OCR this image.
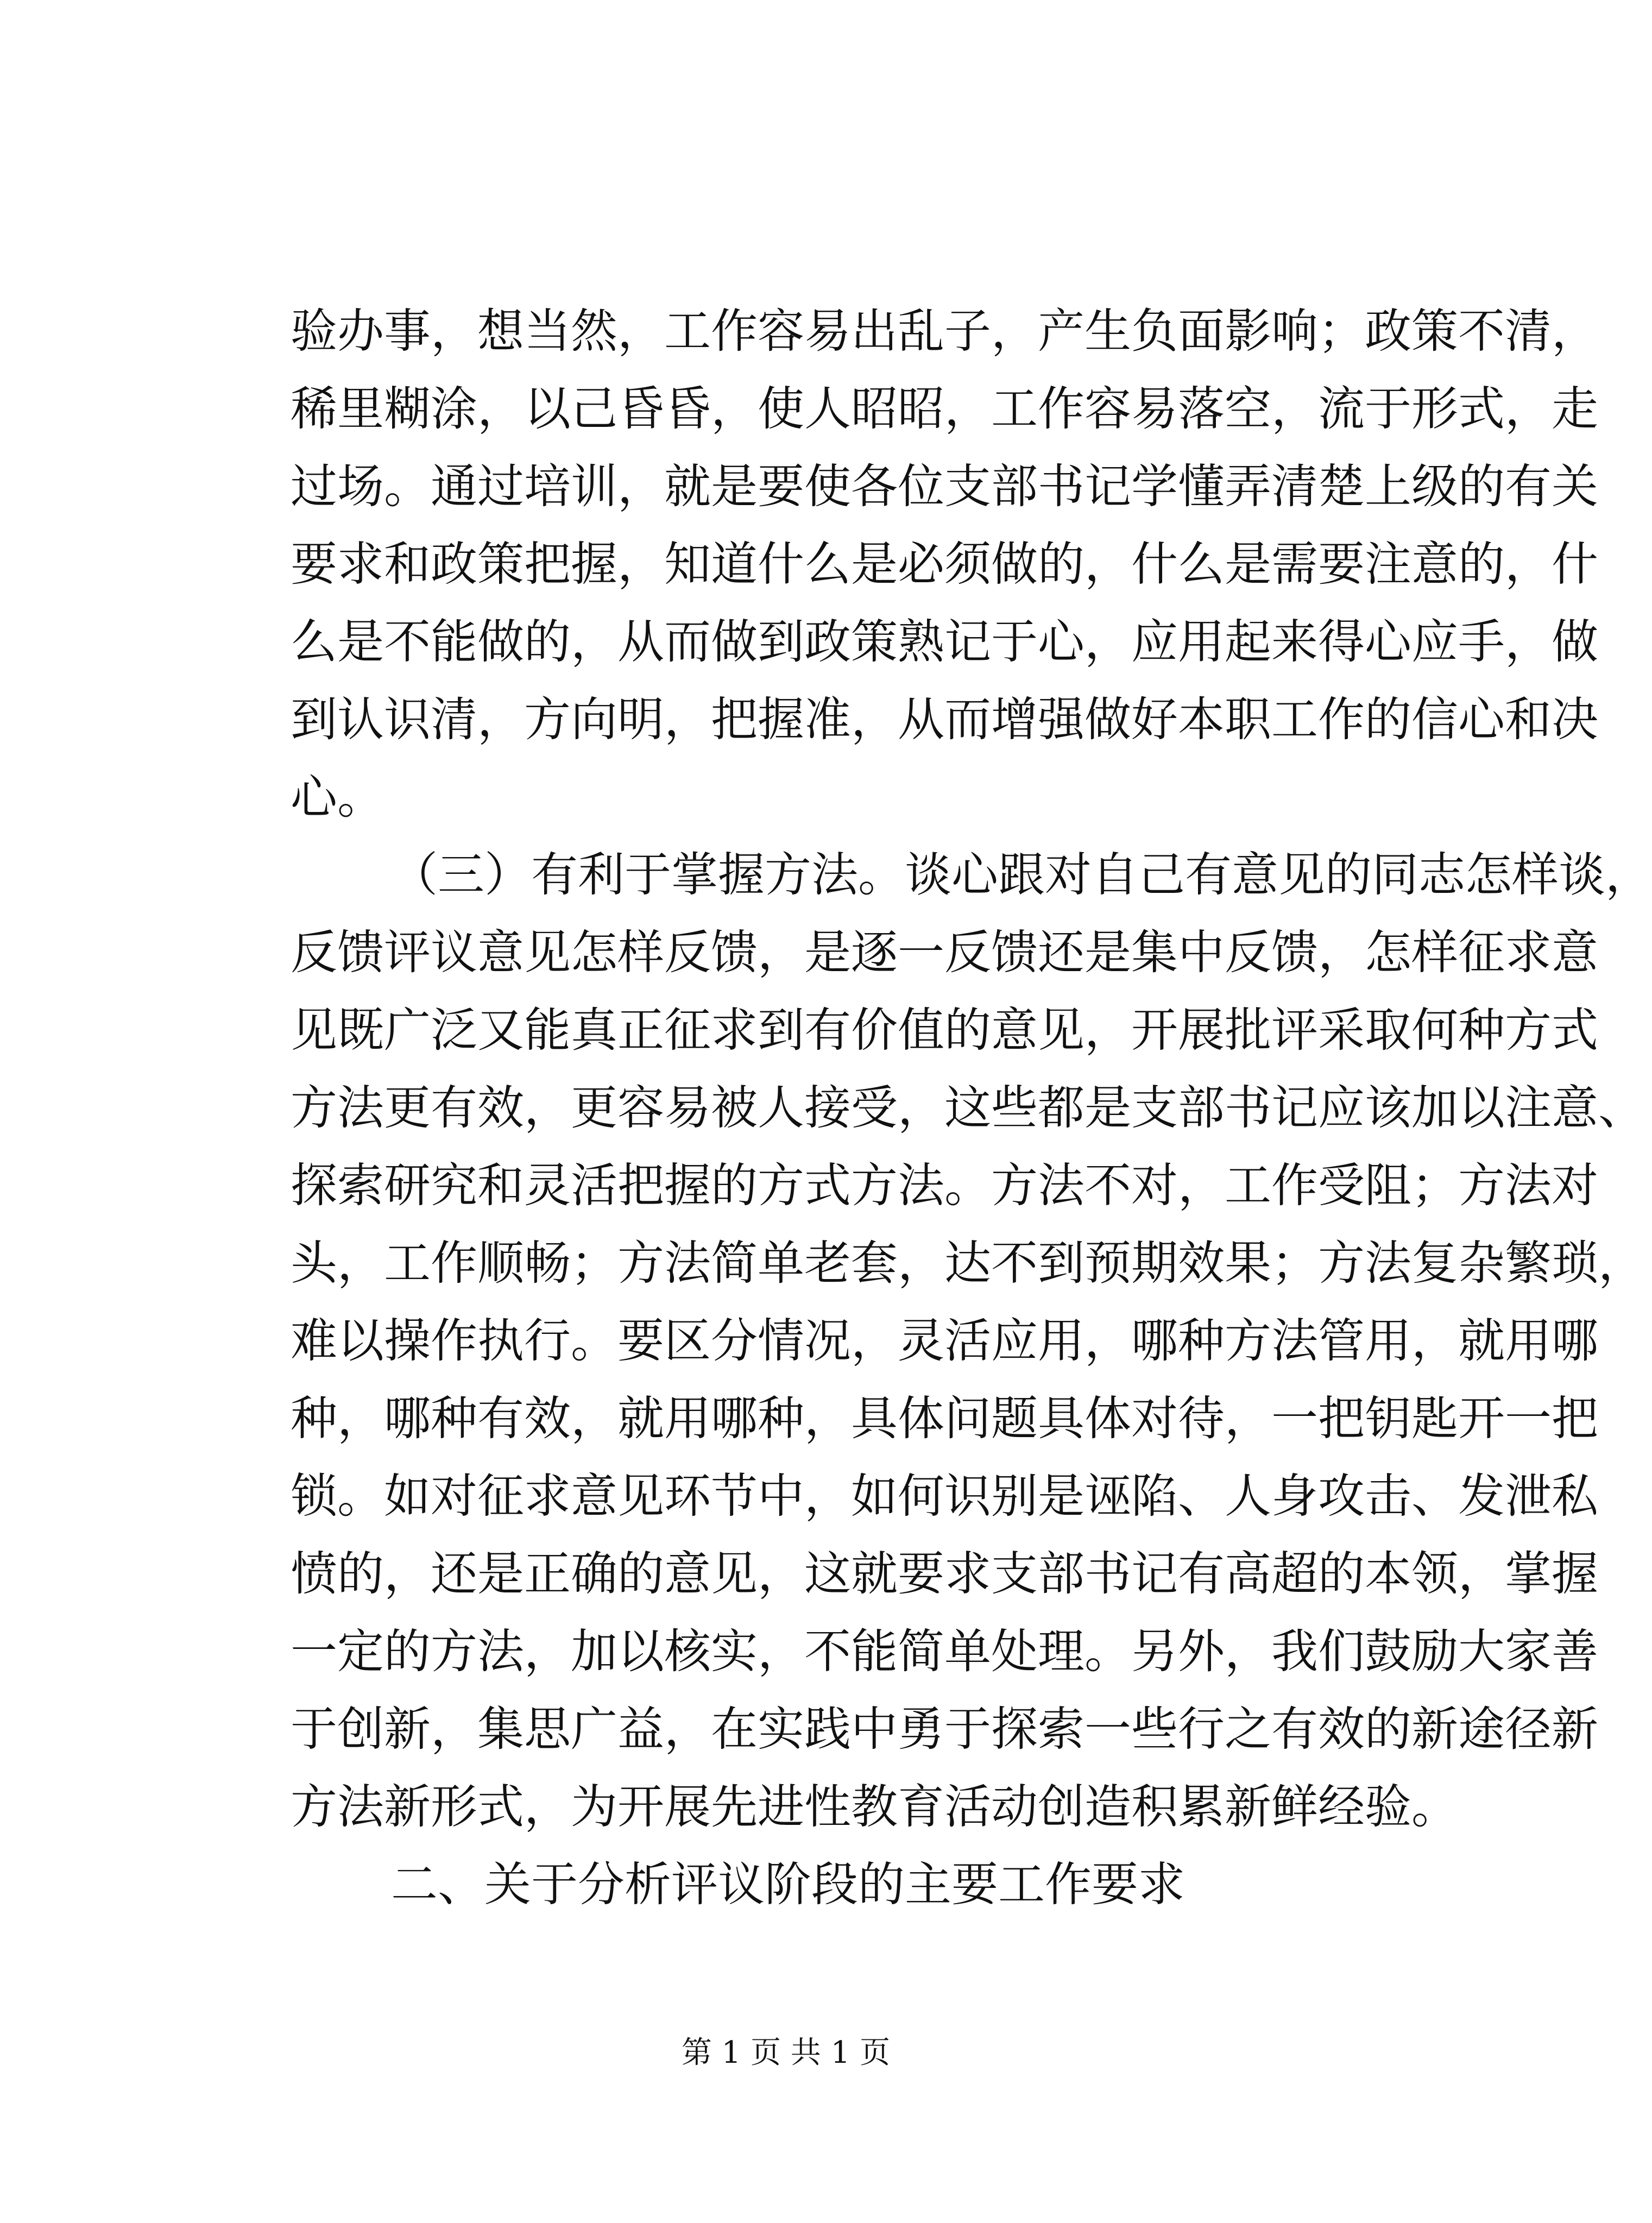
验办事，想当然，工作容易出乱子，产生负面影响；政策不清，
稀里糊涂，以己昏昏，使人昭昭，工作容易落空，流于形式，走
过场。通过培训，就是要使各位支部书记学懂弄清楚上级的有关
要求和政策把握，知道什么是必须做的，什么是需要注意的，什
么是不能做的，从而做到政策熟记于心，应用起来得心应手，做
到认识清，方向明，把握准，从而增强做好本职工作的信心和决
心。
（三）有利于掌握方法。谈心跟对自己有意见的同志怎样谈，
反馈评议意见怎样反馈，是逐一反馈还是集中反馈，怎样征求意
见既广泛又能真正征求到有价值的意见，开展批评采取何种方式
方法更有效，更容易被人接受，这些都是支部书记应该加以注意、
探索研究和灵活把握的方式方法。方法不对，工作受阻；方法对
头，工作顺畅；方法简单老套，达不到预期效果；方法复杂繁琐，
难以操作执行。要区分情况，灵活应用，哪种方法管用，就用哪
种，哪种有效，就用哪种，具体问题具体对待，一把钥匙开一把
锁。如对征求意见环节中，如何识别是诬陷、人身攻击、发泄私
愤的，还是正确的意见，这就要求支部书记有高超的本领，掌握
一定的方法，加以核实，不能简单处理。另外，我们鼓励大家善
于创新，集思广益，在实践中勇于探索一些行之有效的新途径新
方法新形式，为开展先进性教育活动创造积累新鲜经验。
二、关于分析评议阶段的主要工作要求
第 1 页 共 1 页
